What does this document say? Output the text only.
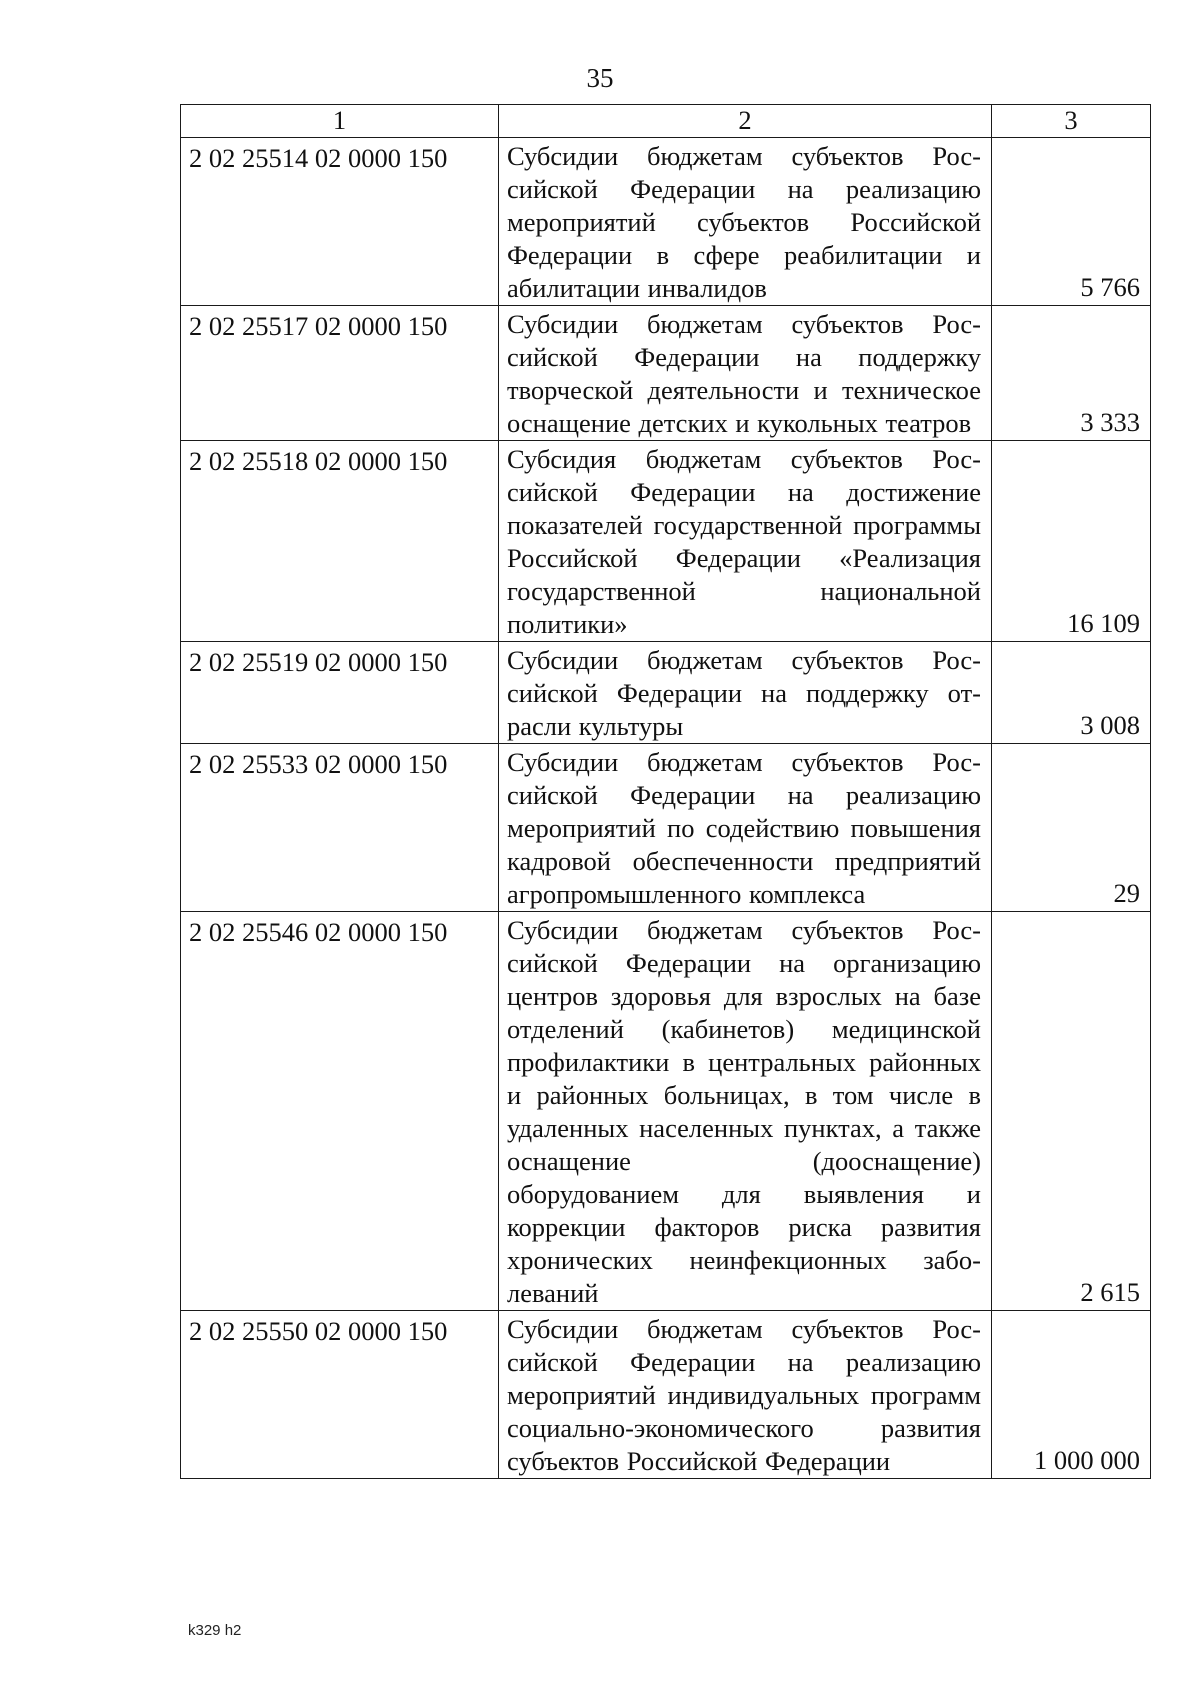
35
1	2	3
2 02 25514 02 0000 150	Субсидии бюджетам субъектов Российской Федерации на реализацию мероприятий субъектов Российской Федерации в сфере реабилитации и абилитации инвалидов	5 766
2 02 25517 02 0000 150	Субсидии бюджетам субъектов Российской Федерации на поддержку творческой деятельности и техническое оснащение детских и кукольных театров	3 333
2 02 25518 02 0000 150	Субсидия бюджетам субъектов Российской Федерации на достижение показателей государственной программы Российской Федерации «Реализация государственной национальной политики»	16 109
2 02 25519 02 0000 150	Субсидии бюджетам субъектов Российской Федерации на поддержку отрасли культуры	3 008
2 02 25533 02 0000 150	Субсидии бюджетам субъектов Российской Федерации на реализацию мероприятий по содействию повышения кадровой обеспеченности предприятий агропромышленного комплекса	29
2 02 25546 02 0000 150	Субсидии бюджетам субъектов Российской Федерации на организацию центров здоровья для взрослых на базе отделений (кабинетов) медицинской профилактики в центральных районных и районных больницах, в том числе в удаленных населенных пунктах, а также оснащение (дооснащение) оборудованием для выявления и коррекции факторов риска развития хронических неинфекционных заболеваний	2 615
2 02 25550 02 0000 150	Субсидии бюджетам субъектов Российской Федерации на реализацию мероприятий индивидуальных программ социально-экономического развития субъектов Российской Федерации	1 000 000
k329 h2
